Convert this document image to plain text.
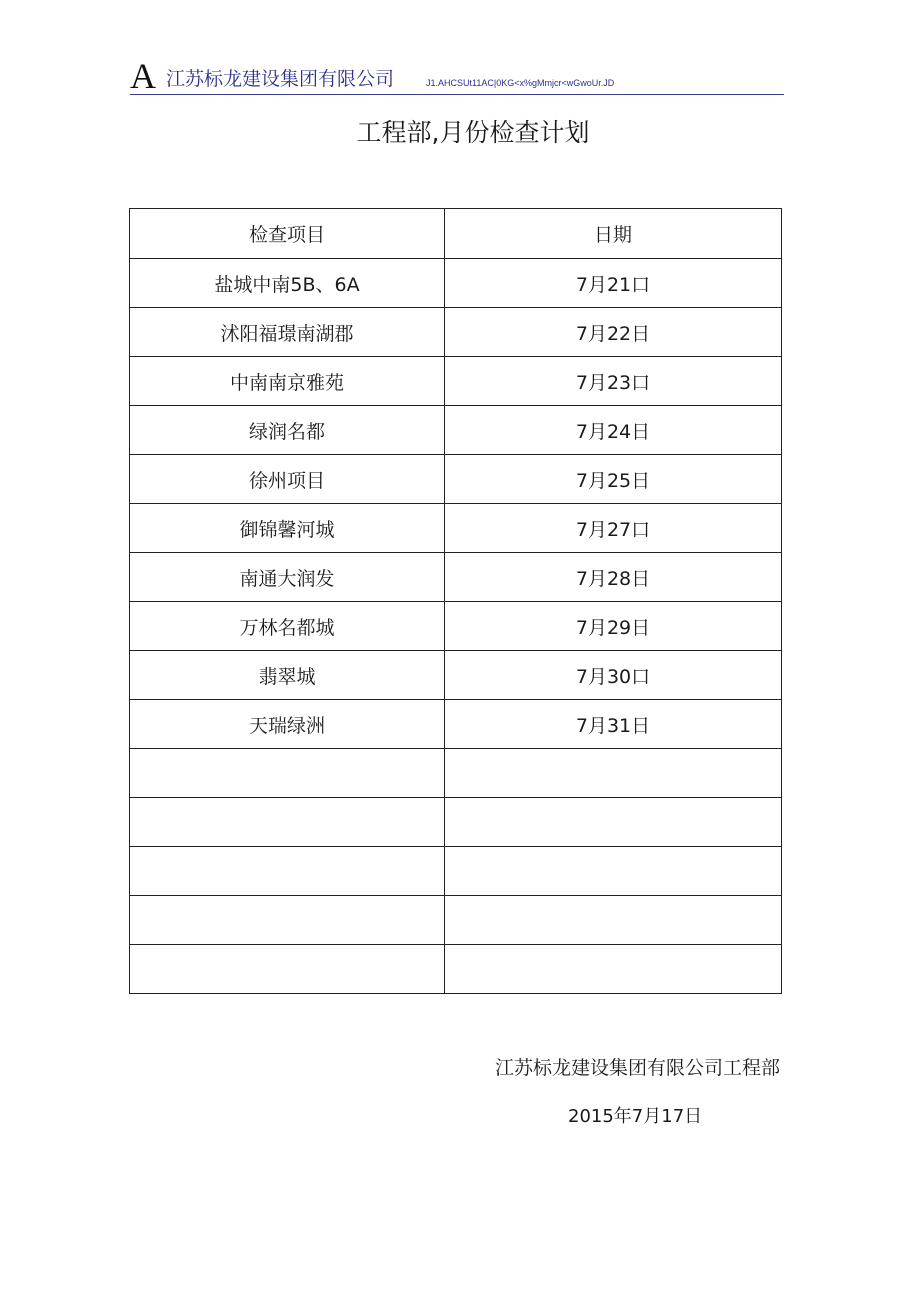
A 江苏标龙建设集团有限公司	J1.AHCSUt11AC|0KG<x%gMmjcr<wGwoUr.JD
工程部,月份检查计划
检查项目	日期
盐城中南5B、6A	7月21口
沭阳福璟南湖郡	7月22日
中南南京雅苑	7月23口
绿润名都	7月24日
徐州项目	7月25日
御锦馨河城	7月27口
南通大润发	7月28日
万林名都城	7月29日
翡翠城	7月30口
天瑞绿洲	7月31日

江苏标龙建设集团有限公司工程部
2015年7月17日
